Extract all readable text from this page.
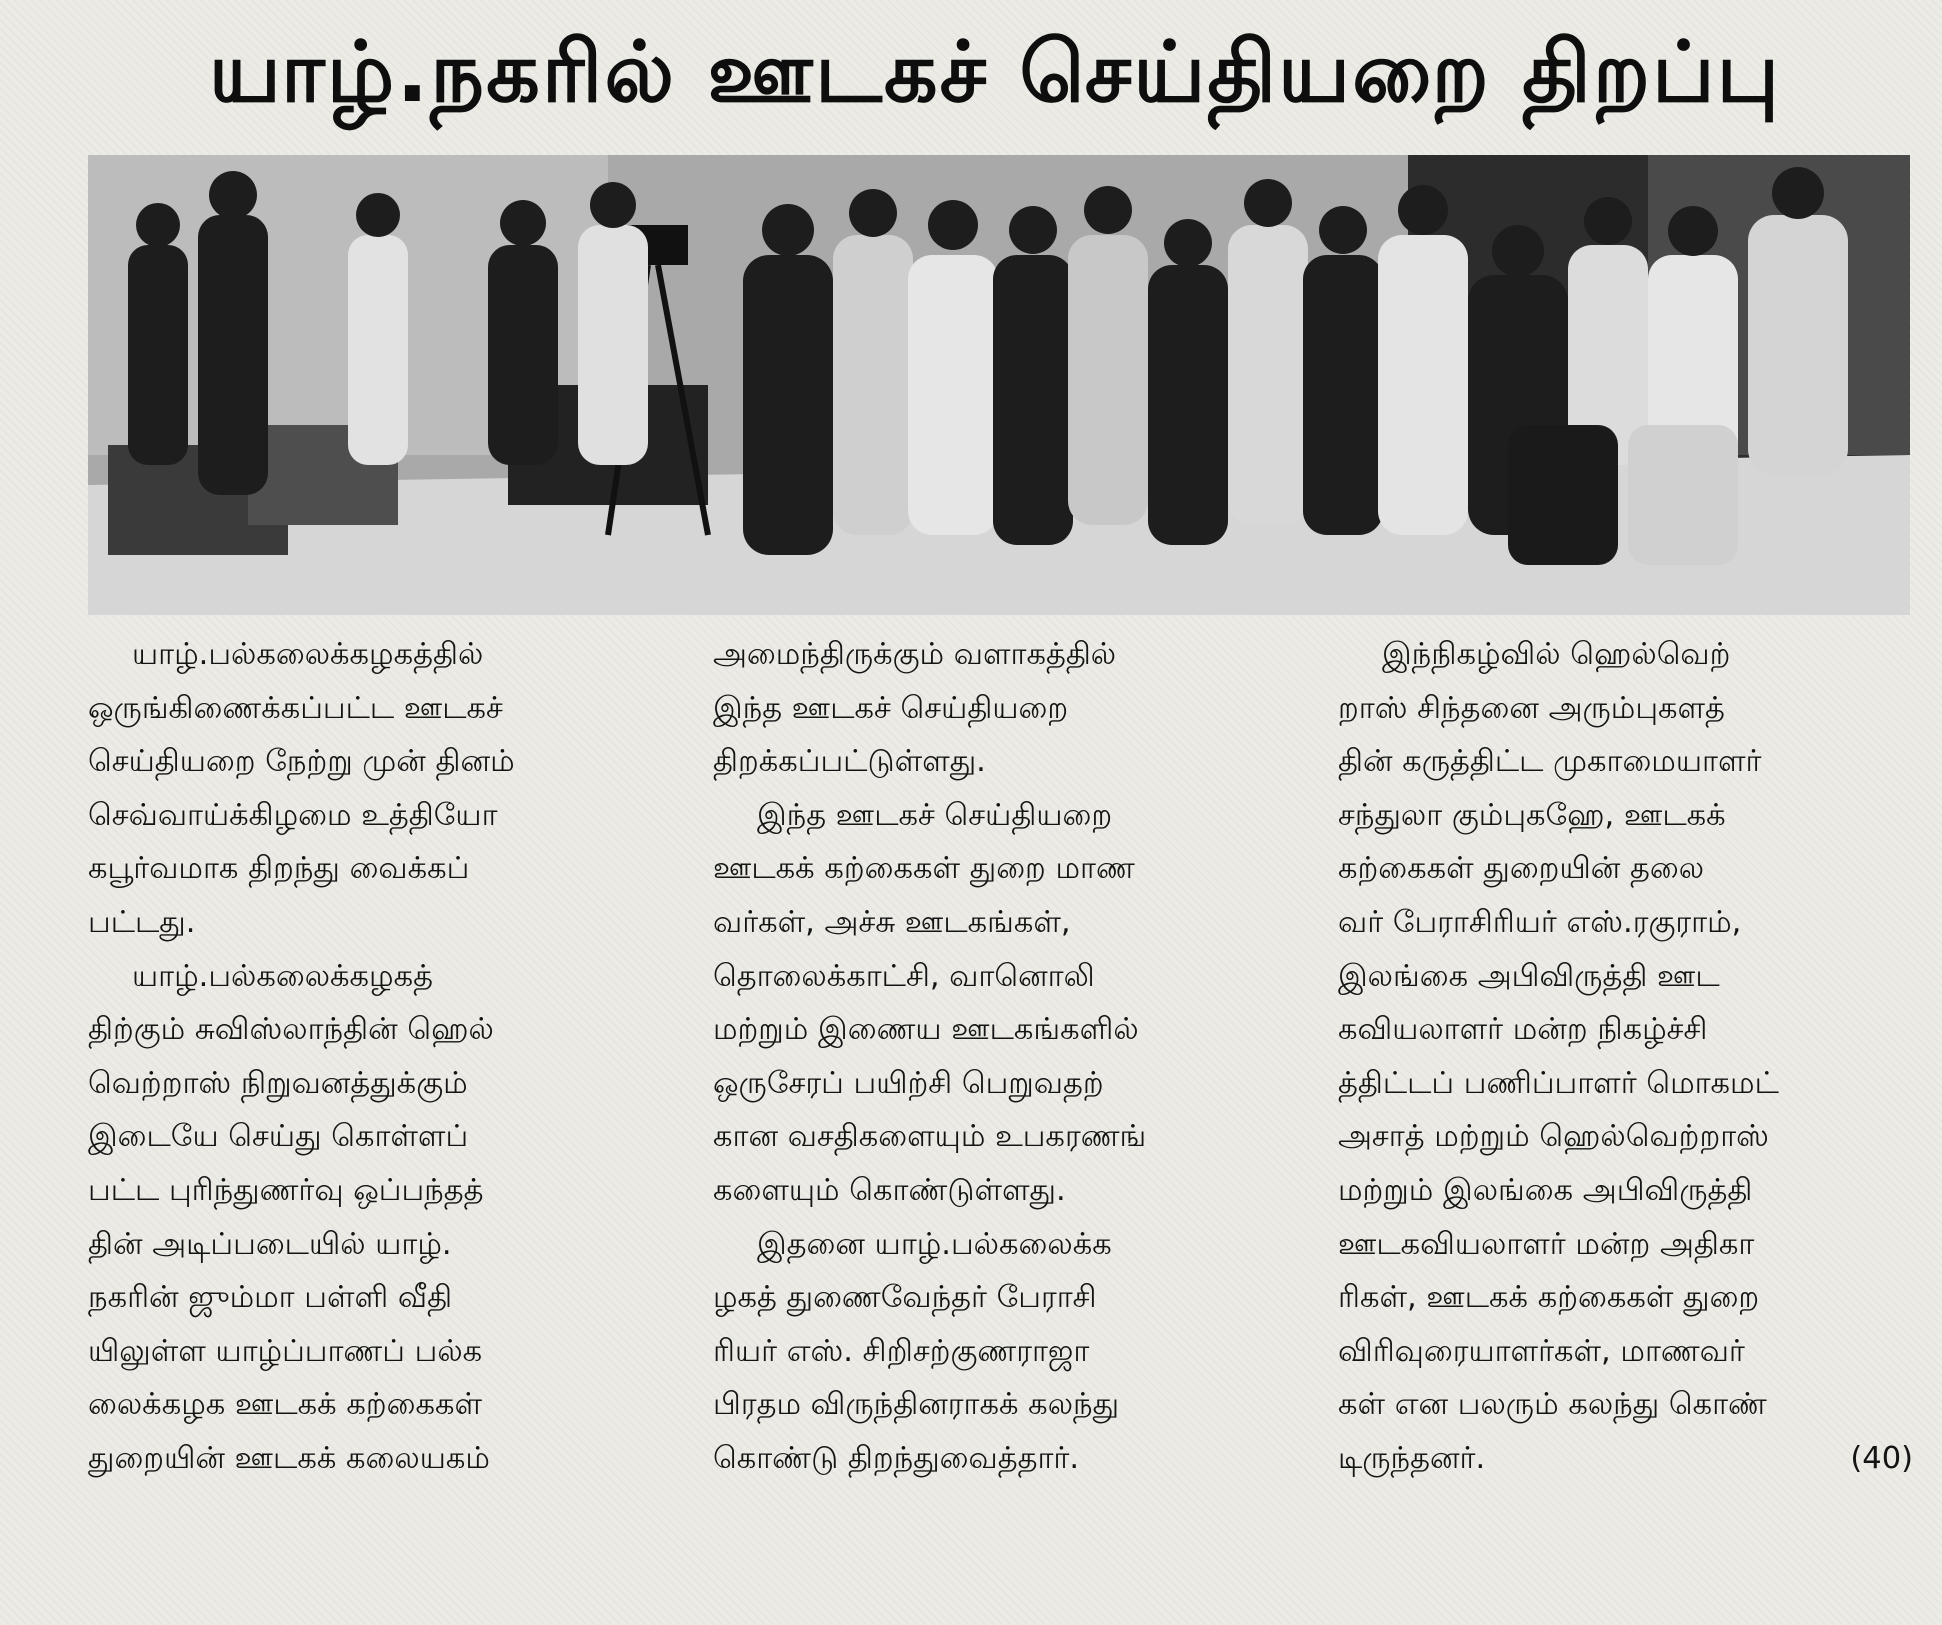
யாழ்.நகரில் ஊடகச் செய்தியறை திறப்பு

யாழ்.பல்கலைக்கழகத்தில்
ஒருங்கிணைக்கப்பட்ட ஊடகச்
செய்தியறை நேற்று முன் தினம்
செவ்வாய்க்கிழமை உத்தியோ
கபூர்வமாக திறந்து வைக்கப்
பட்டது.
யாழ்.பல்கலைக்கழகத்
திற்கும் சுவிஸ்லாந்தின் ஹெல்
வெற்றாஸ் நிறுவனத்துக்கும்
இடையே செய்து கொள்ளப்
பட்ட புரிந்துணர்வு ஒப்பந்தத்
தின் அடிப்படையில் யாழ்.
நகரின் ஜும்மா பள்ளி வீதி
யிலுள்ள யாழ்ப்பாணப் பல்க
லைக்கழக ஊடகக் கற்கைகள்
துறையின் ஊடகக் கலையகம்

அமைந்திருக்கும் வளாகத்தில்
இந்த ஊடகச் செய்தியறை
திறக்கப்பட்டுள்ளது.
இந்த ஊடகச் செய்தியறை
ஊடகக் கற்கைகள் துறை மாண
வர்கள், அச்சு ஊடகங்கள்,
தொலைக்காட்சி, வானொலி
மற்றும் இணைய ஊடகங்களில்
ஒருசேரப் பயிற்சி பெறுவதற்
கான வசதிகளையும் உபகரணங்
களையும் கொண்டுள்ளது.
இதனை யாழ்.பல்கலைக்க
ழகத் துணைவேந்தர் பேராசி
ரியர் எஸ். சிறிசற்குணராஜா
பிரதம விருந்தினராகக் கலந்து
கொண்டு திறந்துவைத்தார்.

இந்நிகழ்வில் ஹெல்வெற்
றாஸ் சிந்தனை அரும்புகளத்
தின் கருத்திட்ட முகாமையாளர்
சந்துலா கும்புகஹே, ஊடகக்
கற்கைகள் துறையின் தலை
வர் பேராசிரியர் எஸ்.ரகுராம்,
இலங்கை அபிவிருத்தி ஊட
கவியலாளர் மன்ற நிகழ்ச்சி
த்திட்டப் பணிப்பாளர் மொகமட்
அசாத் மற்றும் ஹெல்வெற்றாஸ்
மற்றும் இலங்கை அபிவிருத்தி
ஊடகவியலாளர் மன்ற அதிகா
ரிகள், ஊடகக் கற்கைகள் துறை
விரிவுரையாளர்கள், மாணவர்
கள் என பலரும் கலந்து கொண்
டிருந்தனர்.	(40)
